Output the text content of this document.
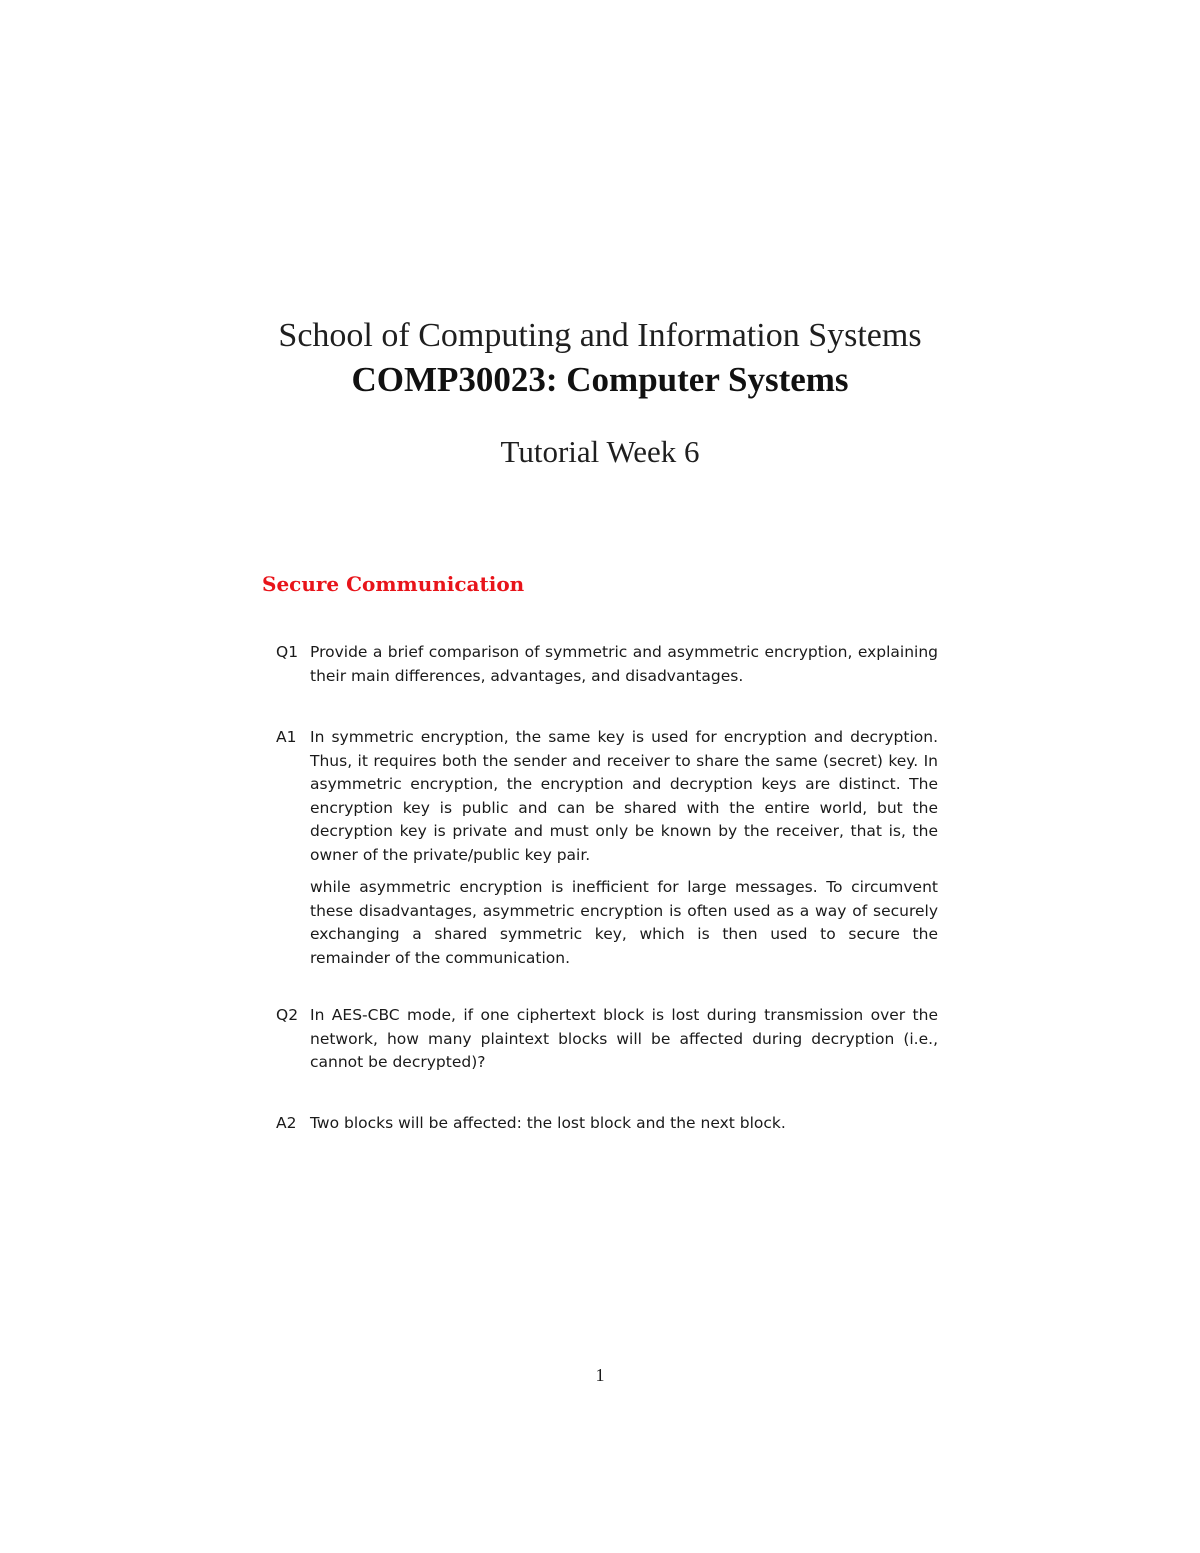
School of Computing and Information Systems
COMP30023: Computer Systems
Tutorial Week 6
Secure Communication
Q1 Provide a brief comparison of symmetric and asymmetric encryption, explaining their main differences, advantages, and disadvantages.

A1 In symmetric encryption, the same key is used for encryption and decryption. Thus, it requires both the sender and receiver to share the same (secret) key. In asymmetric encryption, the encryption and decryption keys are distinct. The encryption key is public and can be shared with the entire world, but the decryption key is private and must only be known by the receiver, that is, the owner of the private/public key pair.

while asymmetric encryption is inefficient for large messages. To circumvent these disadvantages, asymmetric encryption is often used as a way of securely exchanging a shared symmetric key, which is then used to secure the remainder of the communication.

Q2 In AES-CBC mode, if one ciphertext block is lost during transmission over the network, how many plaintext blocks will be affected during decryption (i.e., cannot be decrypted)?

A2 Two blocks will be affected: the lost block and the next block.

1
